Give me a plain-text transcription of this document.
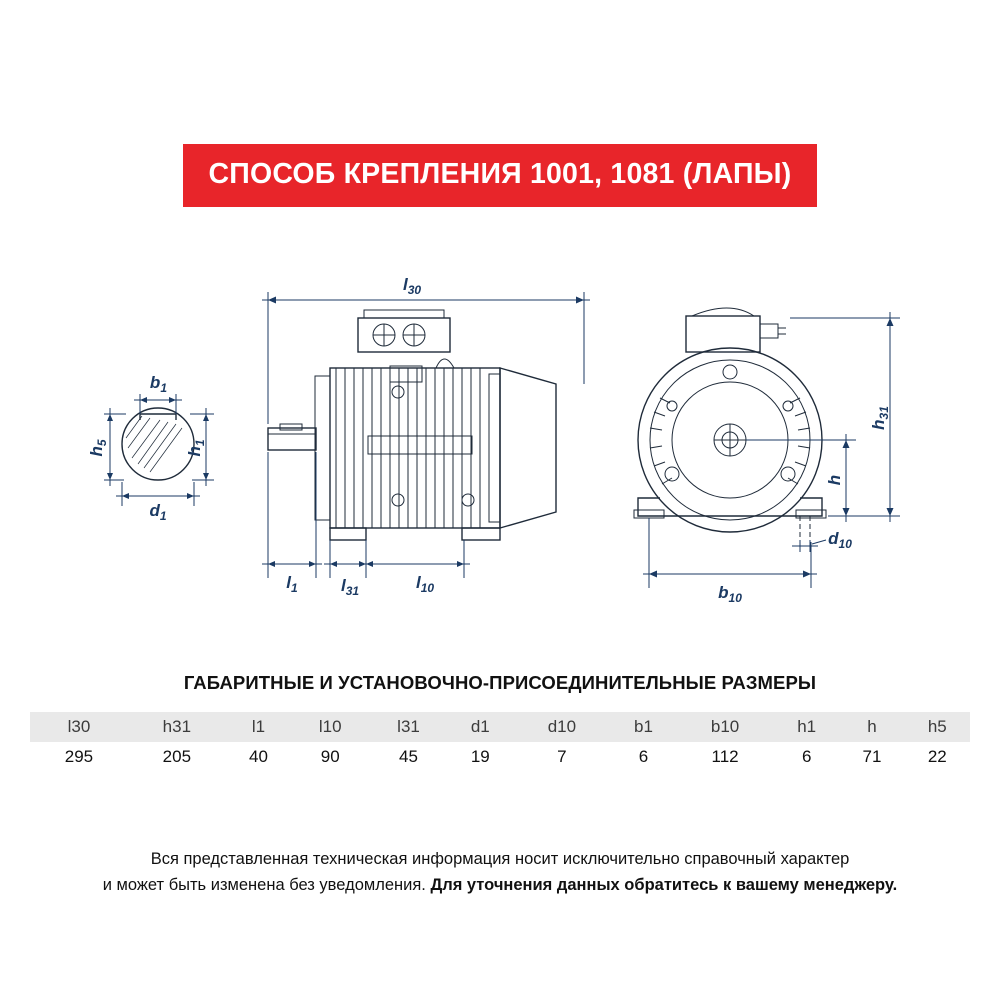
СПОСОБ КРЕПЛЕНИЯ 1001, 1081 (ЛАПЫ)
$b_1$
$h_5$
$h_1$
$d_1$
$l_{30}$
$l_1$	$l_{31}$	$l_{10}$
$h_{31}$
h
$b_{10}$
$d_{10}$
ГАБАРИТНЫЕ И УСТАНОВОЧНО-ПРИСОЕДИНИТЕЛЬНЫЕ РАЗМЕРЫ
l30	h31	l1	l10	l31	d1	d10	b1	b10	h1	h	h5
295	205	40	90	45	19	7	6	112	6	71	22
Вся представленная техническая информация носит исключительно справочный характер
и может быть изменена без уведомления. Для уточнения данных обратитесь к вашему менеджеру.
